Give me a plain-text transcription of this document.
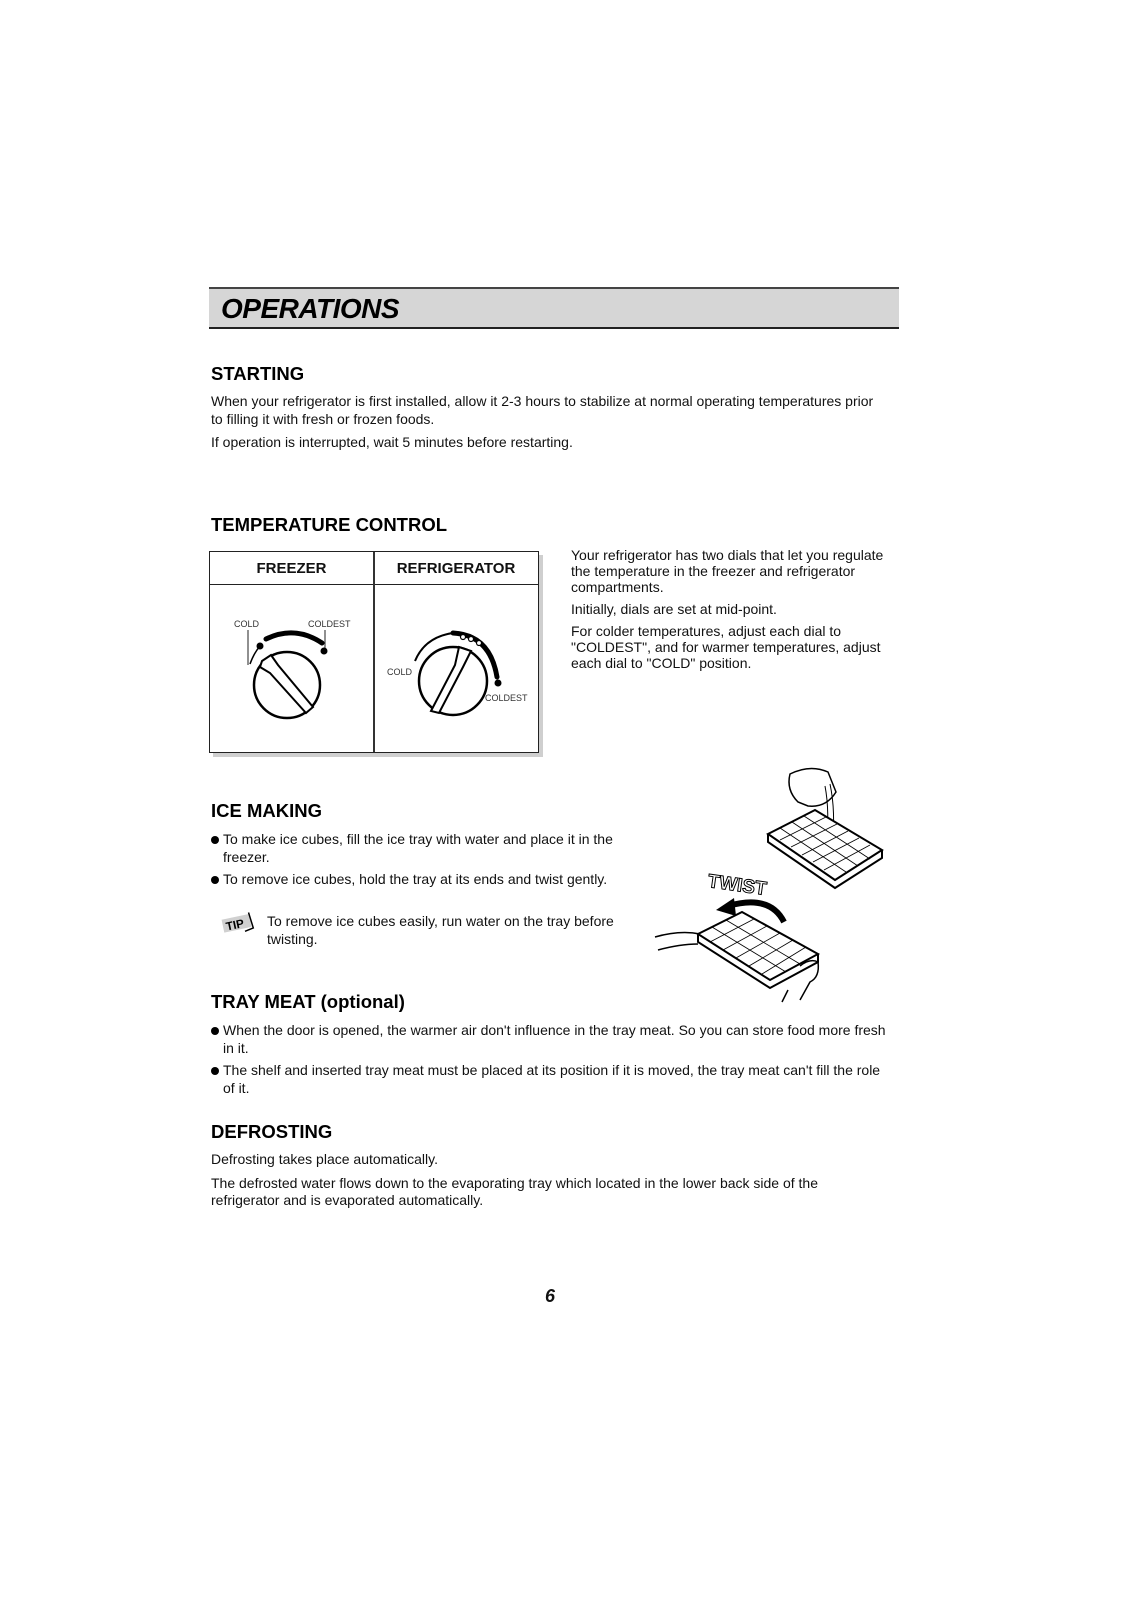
OPERATIONS
STARTING

When your refrigerator is first installed, allow it 2-3 hours to stabilize at normal operating temperatures prior to filling it with fresh or frozen foods.

If operation is interrupted, wait 5 minutes before restarting.

TEMPERATURE CONTROL
FREEZER	REFRIGERATOR
COLD	COLDEST
COLD
COLDEST

Your refrigerator has two dials that let you regulate the temperature in the freezer and refrigerator compartments.

Initially, dials are set at mid-point.

For colder temperatures, adjust each dial to "COLDEST", and for warmer temperatures, adjust each dial to "COLD" position.

ICE MAKING
To make ice cubes, fill the ice tray with water and place it in the freezer.
To remove ice cubes, hold the tray at its ends and twist gently.
TIP To remove ice cubes easily, run water on the tray before twisting.

TWIST
TRAY MEAT (optional)
When the door is opened, the warmer air don't influence in the tray meat. So you can store food more fresh in it.
The shelf and inserted tray meat must be placed at its position if it is moved, the tray meat can't fill the role of it.
DEFROSTING

Defrosting takes place automatically.

The defrosted water flows down to the evaporating tray which located in the lower back side of the refrigerator and is evaporated automatically.

6
